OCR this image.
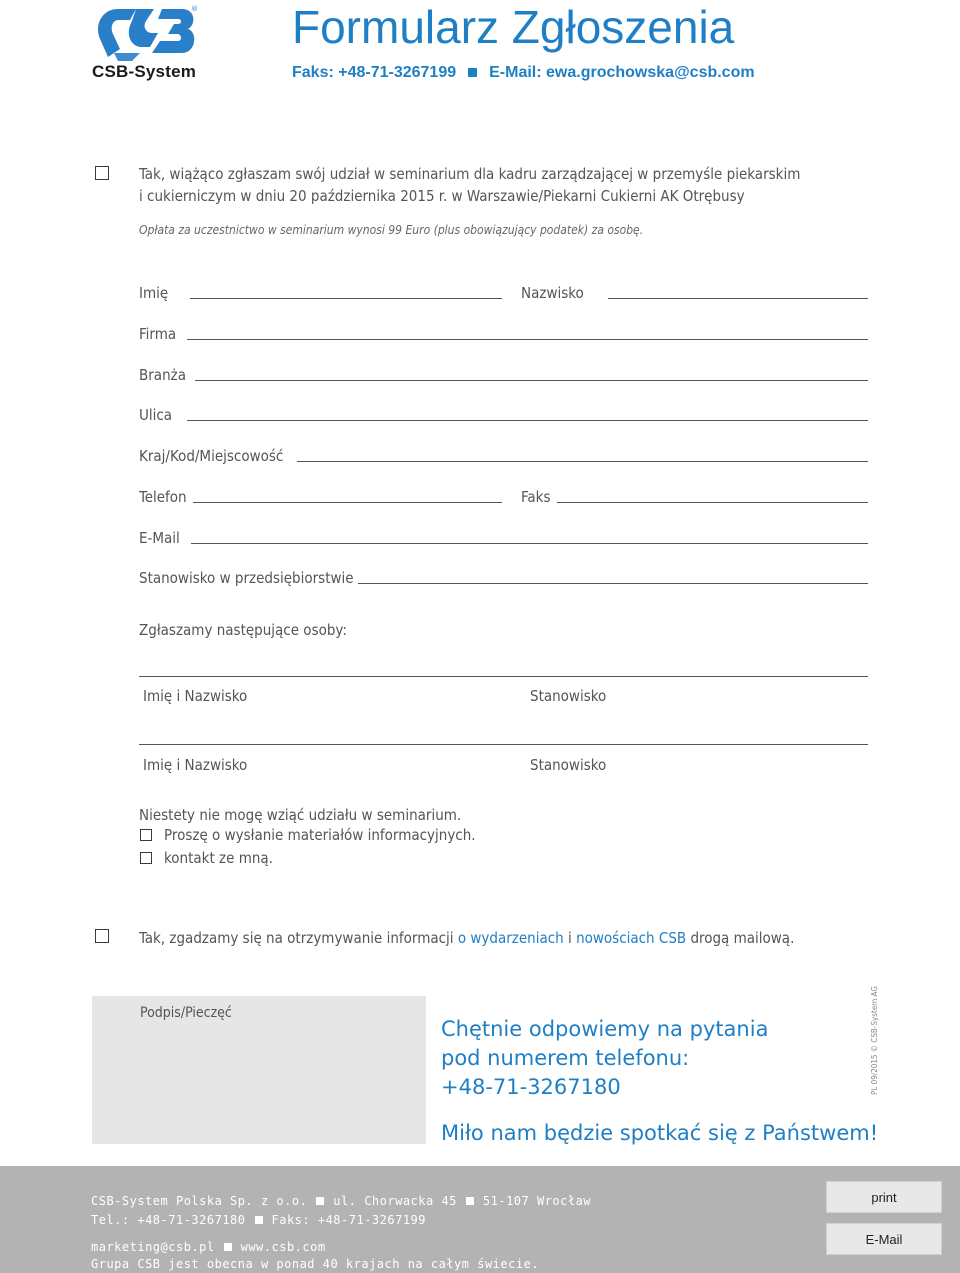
®
CSB-System
Formularz Zgłoszenia
Faks: +48-71-3267199 E-Mail: ewa.grochowska@csb.com
Tak, wiążąco zgłaszam swój udział w seminarium dla kadru zarządzającej w przemyśle piekarskim
i cukierniczym w dniu 20 października 2015 r. w Warszawie/Piekarni Cukierni AK Otrębusy
Opłata za uczestnictwo w seminarium wynosi 99 Euro (plus obowiązujący podatek) za osobę.
Imię	Nazwisko
Firma
Branża
Ulica
Kraj/Kod/Miejscowość
Telefon	Faks
E-Mail
Stanowisko w przedsiębiorstwie
Zgłaszamy następujące osoby:
Imię i Nazwisko	Stanowisko
Imię i Nazwisko	Stanowisko
Niestety nie mogę wziąć udziału w seminarium.
Proszę o wysłanie materiałów informacyjnych.
kontakt ze mną.
Tak, zgadzamy się na otrzymywanie informacji o wydarzeniach i nowościach CSB drogą mailową.
Podpis/Pieczęć
Chętnie odpowiemy na pytania
pod numerem telefonu:
+48-71-3267180
Miło nam będzie spotkać się z Państwem!
PL 09/2015 © CSB-System AG
CSB-System Polska Sp. z o.o. ul. Chorwacka 45 51-107 Wrocław
Tel.: +48-71-3267180 Faks: +48-71-3267199
marketing@csb.pl www.csb.com
Grupa CSB jest obecna w ponad 40 krajach na całym świecie.
print
E-Mail
